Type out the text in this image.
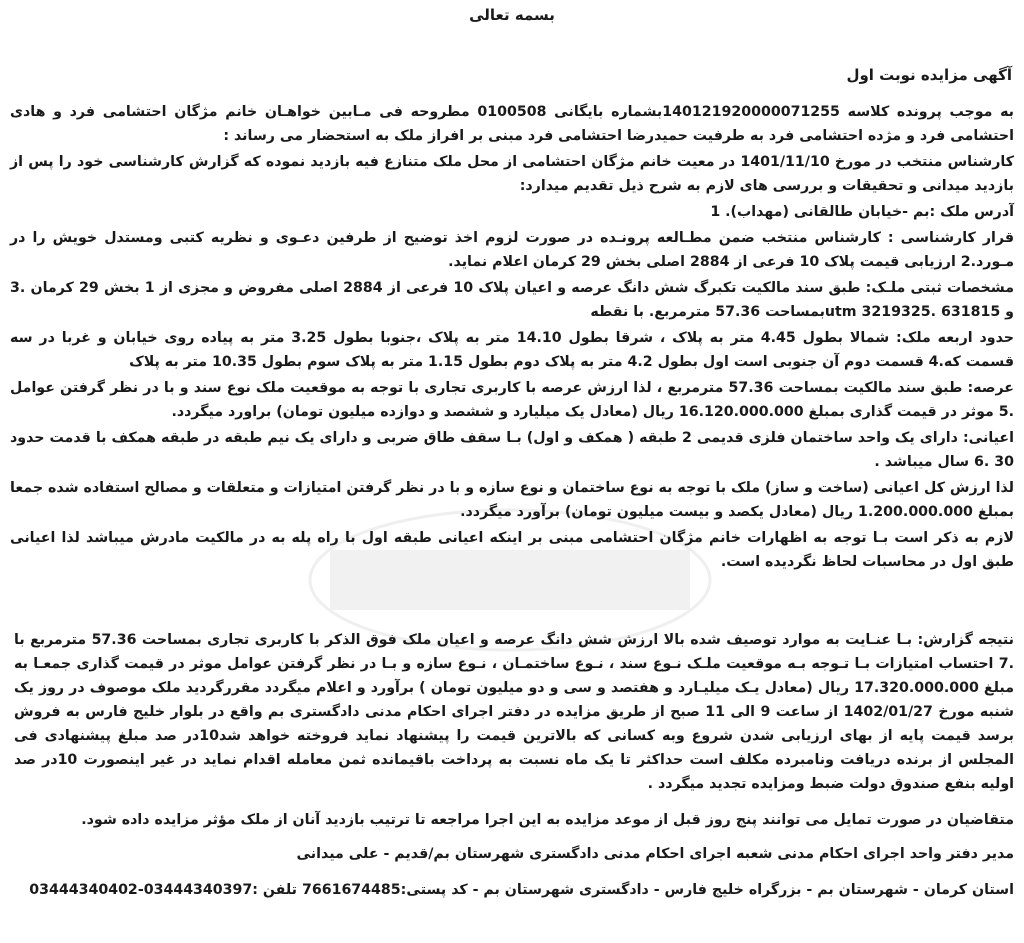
بسمه تعالی
آگهی مزایده نوبت اول
به موجب پرونده کلاسه 140121920000071255بشماره بایگانی 0100508 مطروحه فی مـابین خواهـان خانم مژگان احتشامی فرد و هادی احتشامی فرد و مژده احتشامی فرد به طرفیت حمیدرضا احتشامی فرد مبنی بر افراز ملک به استحضار می رساند :
کارشناس منتخب در مورخ 1401/11/10 در معیت خانم مژگان احتشامی از محل ملک متنازع فیه بازدید نموده که گزارش کارشناسی خود را پس از بازدید میدانی و تحقیقات و بررسی های لازم به شرح ذیل تقدیم میدارد:
آدرس ملک :بم -خیابان طالقانی (مهداب). 1
قرار کارشناسی : کارشناس منتخب ضمن مطـالعه پرونـده در صورت لزوم اخذ توضیح از طرفین دعـوی و نظریه کتبی ومستدل خویش را در مـورد.2 ارزیابی قیمت پلاک 10 فرعی از 2884 اصلی بخش 29 کرمان اعلام نماید.
مشخصات ثبتی ملـک: طبق سند مالکیت تکبرگ شش دانگ عرصه و اعیان پلاک 10 فرعی از 2884 اصلی مفروض و مجزی از 1 بخش 29 کرمان .3 و 631815 .3219325 utmبمساحت 57.36 مترمربع. با نقطه
حدود اربعه ملک: شمالا بطول 4.45 متر به پلاک ، شرقا بطول 14.10 متر به پلاک ،جنوبا بطول 3.25 متر به پیاده روی خیابان و غربا در سه قسمت که.4 قسمت دوم آن جنوبی است اول بطول 4.2 متر به پلاک دوم بطول 1.15 متر به پلاک سوم بطول 10.35 متر به پلاک
عرصه: طبق سند مالکیت بمساحت 57.36 مترمربع ، لذا ارزش عرصه با کاربری تجاری با توجه به موقعیت ملک نوع سند و با در نظر گرفتن عوامل .5 موثر در قیمت گذاری بمبلغ 16.120.000.000 ریال (معادل یک میلیارد و ششصد و دوازده میلیون تومان) براورد میگردد.
اعیانی: دارای یک واحد ساختمان فلزی قدیمی 2 طبقه ( همکف و اول) بـا سقف طاق ضربی و دارای یک نیم طبقه در طبقه همکف با قدمت حدود 30 .6 سال میباشد .
لذا ارزش کل اعیانی (ساخت و ساز) ملک با توجه به نوع ساختمان و نوع سازه و با در نظر گرفتن امتیازات و متعلقات و مصالح استفاده شده جمعا بمبلغ 1.200.000.000 ریال (معادل یکصد و بیست میلیون تومان) برآورد میگردد.
لازم به ذکر است بـا توجه به اظهارات خانم مژگان احتشامی مبنی بر اینکه اعیانی طبقه اول با راه پله به در مالکیت مادرش میباشد لذا اعیانی طبق اول در محاسبات لحاظ نگردیده است.
نتیجه گزارش: بـا عنـایت به موارد توصیف شده بالا ارزش شش دانگ عرصه و اعیان ملک فوق الذکر با کاربری تجاری بمساحت 57.36 مترمربع با .7 احتساب امتیازات بـا تـوجه بـه موقعیت ملـک نـوع سند ، نـوع ساختمـان ، نـوع سازه و بـا در نظر گرفتن عوامل موثر در قیمت گذاری جمعـا به مبلغ 17.320.000.000 ریال (معادل یـک میلیـارد و هفتصد و سی و دو میلیون تومان ) برآورد و اعلام میگردد مقررگردید ملک موصوف در روز یک شنبه مورخ 1402/01/27 از ساعت 9 الی 11 صبح از طریق مزایده در دفتر اجرای احکام مدنی دادگستری بم واقع در بلوار خلیج فارس به فروش برسد قیمت پایه از بهای ارزیابی شدن شروع وبه کسانی که بالاترین قیمت را پیشنهاد نماید فروخته خواهد شد10در صد مبلغ پیشنهادی فی المجلس از برنده دریافت ونامبرده مکلف است حداکثر تا یک ماه نسبت به پرداخت باقیمانده ثمن معامله اقدام نماید در غیر اینصورت 10در صد اولیه بنفع صندوق دولت ضبط ومزایده تجدید میگردد .
متقاضیان در صورت تمایل می توانند پنج روز قبل از موعد مزایده به این اجرا مراجعه تا ترتیب بازدید آنان از ملک مؤثر مزایده داده شود.
مدیر دفتر واحد اجرای احکام مدنی شعبه اجرای احکام مدنی دادگستری شهرستان بم/قدیم - علی میدانی
استان کرمان - شهرستان بم - بزرگراه خلیج فارس - دادگستری شهرستان بم - کد پستی:7661674485 تلفن :03444340397-03444340402
